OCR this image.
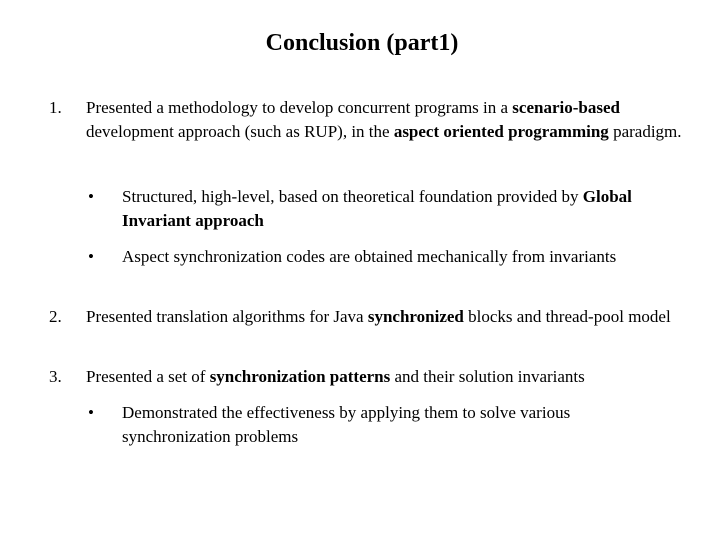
Conclusion (part1)
1. Presented a methodology to develop concurrent programs in a scenario-based development approach (such as RUP), in the aspect oriented programming paradigm.
• Structured, high-level, based on theoretical foundation provided by Global Invariant approach
• Aspect synchronization codes are obtained mechanically from invariants
2. Presented translation algorithms for Java synchronized blocks and thread-pool model
3. Presented a set of synchronization patterns and their solution invariants
• Demonstrated the effectiveness by applying them to solve various synchronization problems
